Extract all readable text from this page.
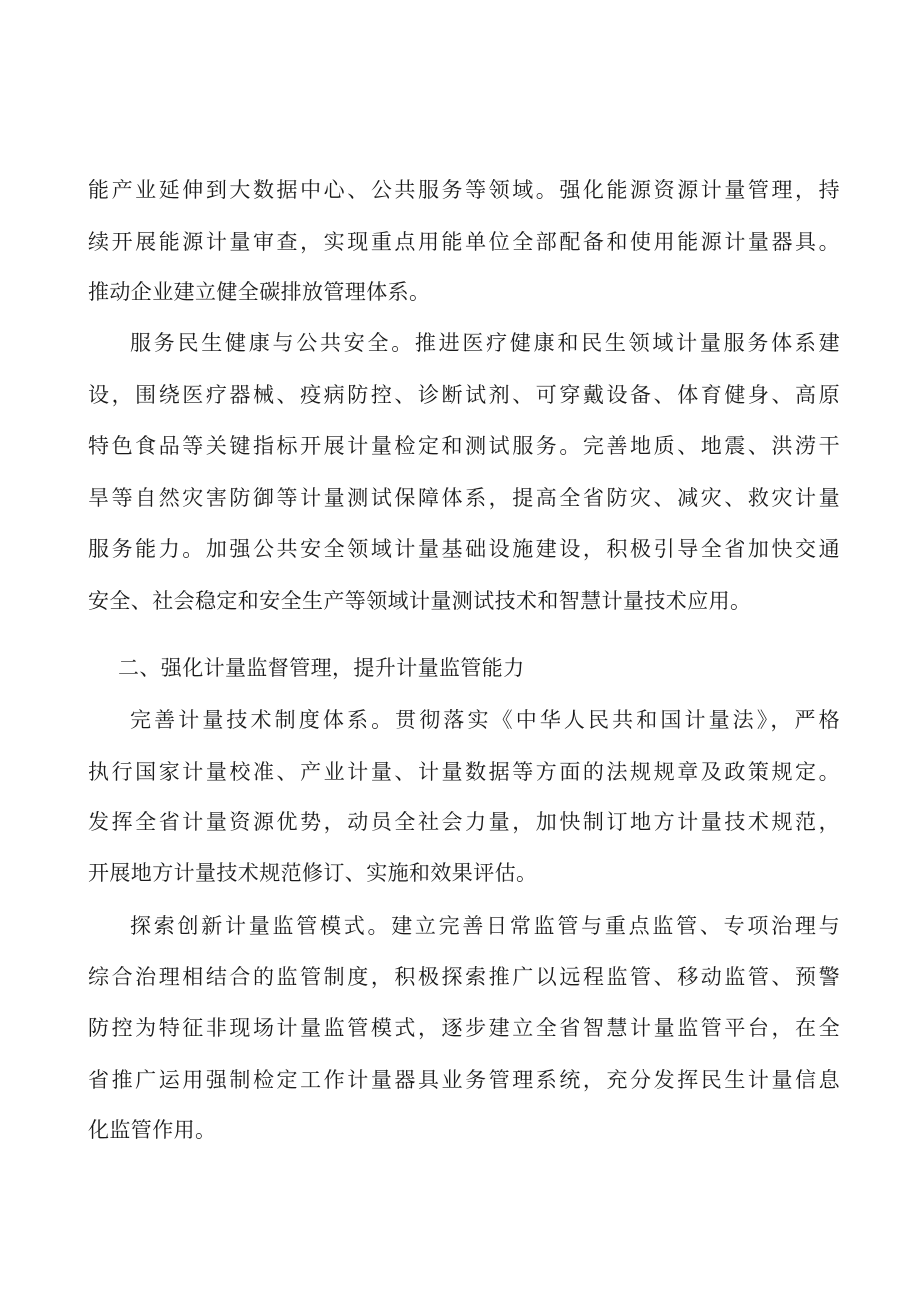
能产业延伸到大数据中心、公共服务等领域。强化能源资源计量管理，持
续开展能源计量审查，实现重点用能单位全部配备和使用能源计量器具。
推动企业建立健全碳排放管理体系。
服务民生健康与公共安全。推进医疗健康和民生领域计量服务体系建
设，围绕医疗器械、疫病防控、诊断试剂、可穿戴设备、体育健身、高原
特色食品等关键指标开展计量检定和测试服务。完善地质、地震、洪涝干
旱等自然灾害防御等计量测试保障体系，提高全省防灾、减灾、救灾计量
服务能力。加强公共安全领域计量基础设施建设，积极引导全省加快交通
安全、社会稳定和安全生产等领域计量测试技术和智慧计量技术应用。
二、强化计量监督管理，提升计量监管能力
完善计量技术制度体系。贯彻落实《中华人民共和国计量法》，严格
执行国家计量校准、产业计量、计量数据等方面的法规规章及政策规定。
发挥全省计量资源优势，动员全社会力量，加快制订地方计量技术规范，
开展地方计量技术规范修订、实施和效果评估。
探索创新计量监管模式。建立完善日常监管与重点监管、专项治理与
综合治理相结合的监管制度，积极探索推广以远程监管、移动监管、预警
防控为特征非现场计量监管模式，逐步建立全省智慧计量监管平台，在全
省推广运用强制检定工作计量器具业务管理系统，充分发挥民生计量信息
化监管作用。
